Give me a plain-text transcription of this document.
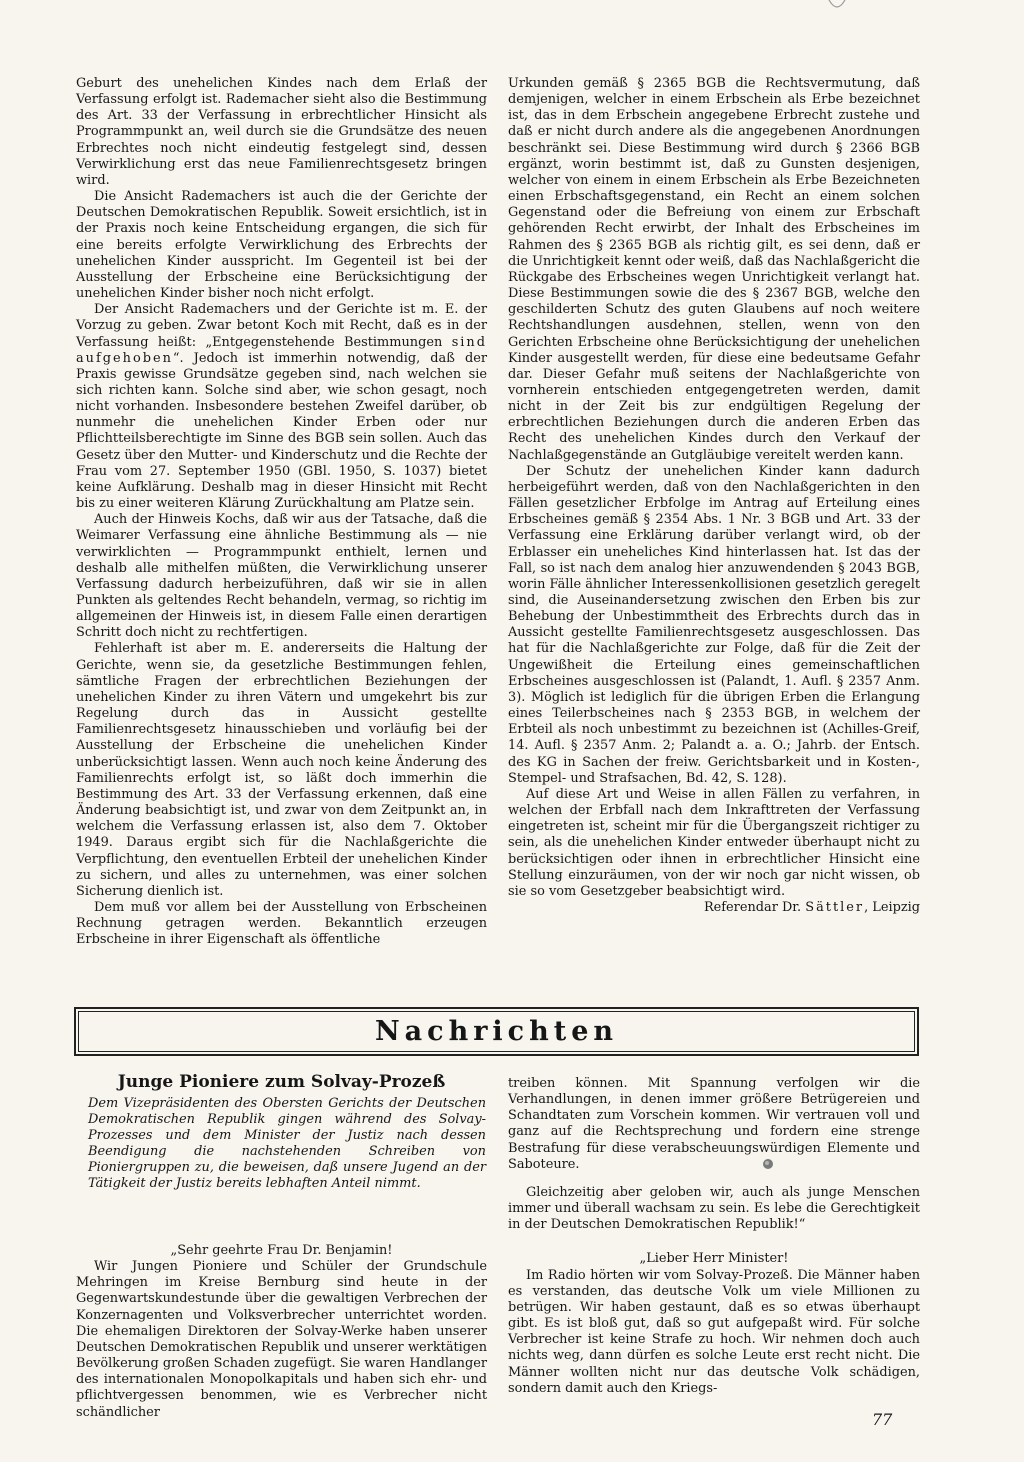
Geburt des unehelichen Kindes nach dem Erlaß der Verfassung erfolgt ist. Rademacher sieht also die Bestimmung des Art. 33 der Verfassung in erbrechtlicher Hinsicht als Programmpunkt an, weil durch sie die Grundsätze des neuen Erbrechtes noch nicht eindeutig festgelegt sind, dessen Verwirklichung erst das neue Familienrechtsgesetz bringen wird.

Die Ansicht Rademachers ist auch die der Gerichte der Deutschen Demokratischen Republik. Soweit ersichtlich, ist in der Praxis noch keine Entscheidung ergangen, die sich für eine bereits erfolgte Verwirklichung des Erbrechts der unehelichen Kinder ausspricht. Im Gegenteil ist bei der Ausstellung der Erbscheine eine Berücksichtigung der unehelichen Kinder bisher noch nicht erfolgt.

Der Ansicht Rademachers und der Gerichte ist m. E. der Vorzug zu geben. Zwar betont Koch mit Recht, daß es in der Verfassung heißt: „Entgegenstehende Bestimmungen sind aufgehoben“. Jedoch ist immerhin notwendig, daß der Praxis gewisse Grundsätze gegeben sind, nach welchen sie sich richten kann. Solche sind aber, wie schon gesagt, noch nicht vorhanden. Insbesondere bestehen Zweifel darüber, ob nunmehr die unehelichen Kinder Erben oder nur Pflichtteilsberechtigte im Sinne des BGB sein sollen. Auch das Gesetz über den Mutter- und Kinderschutz und die Rechte der Frau vom 27. September 1950 (GBl. 1950, S. 1037) bietet keine Aufklärung. Deshalb mag in dieser Hinsicht mit Recht bis zu einer weiteren Klärung Zurückhaltung am Platze sein.

Auch der Hinweis Kochs, daß wir aus der Tatsache, daß die Weimarer Verfassung eine ähnliche Bestimmung als — nie verwirklichten — Programmpunkt enthielt, lernen und deshalb alle mithelfen müßten, die Verwirklichung unserer Verfassung dadurch herbeizuführen, daß wir sie in allen Punkten als geltendes Recht behandeln, vermag, so richtig im allgemeinen der Hinweis ist, in diesem Falle einen derartigen Schritt doch nicht zu rechtfertigen.

Fehlerhaft ist aber m. E. andererseits die Haltung der Gerichte, wenn sie, da gesetzliche Bestimmungen fehlen, sämtliche Fragen der erbrechtlichen Beziehungen der unehelichen Kinder zu ihren Vätern und umgekehrt bis zur Regelung durch das in Aussicht gestellte Familienrechtsgesetz hinausschieben und vorläufig bei der Ausstellung der Erbscheine die unehelichen Kinder unberücksichtigt lassen. Wenn auch noch keine Änderung des Familienrechts erfolgt ist, so läßt doch immerhin die Bestimmung des Art. 33 der Verfassung erkennen, daß eine Änderung beabsichtigt ist, und zwar von dem Zeitpunkt an, in welchem die Verfassung erlassen ist, also dem 7. Oktober 1949. Daraus ergibt sich für die Nachlaßgerichte die Verpflichtung, den eventuellen Erbteil der unehelichen Kinder zu sichern, und alles zu unternehmen, was einer solchen Sicherung dienlich ist.

Dem muß vor allem bei der Ausstellung von Erbscheinen Rechnung getragen werden. Bekanntlich erzeugen Erbscheine in ihrer Eigenschaft als öffentliche

Urkunden gemäß § 2365 BGB die Rechtsvermutung, daß demjenigen, welcher in einem Erbschein als Erbe bezeichnet ist, das in dem Erbschein angegebene Erbrecht zustehe und daß er nicht durch andere als die angegebenen Anordnungen beschränkt sei. Diese Bestimmung wird durch § 2366 BGB ergänzt, worin bestimmt ist, daß zu Gunsten desjenigen, welcher von einem in einem Erbschein als Erbe Bezeichneten einen Erbschaftsgegenstand, ein Recht an einem solchen Gegenstand oder die Befreiung von einem zur Erbschaft gehörenden Recht erwirbt, der Inhalt des Erbscheines im Rahmen des § 2365 BGB als richtig gilt, es sei denn, daß er die Unrichtigkeit kennt oder weiß, daß das Nachlaßgericht die Rückgabe des Erbscheines wegen Unrichtigkeit verlangt hat. Diese Bestimmungen sowie die des § 2367 BGB, welche den geschilderten Schutz des guten Glaubens auf noch weitere Rechtshandlungen ausdehnen, stellen, wenn von den Gerichten Erbscheine ohne Berücksichtigung der unehelichen Kinder ausgestellt werden, für diese eine bedeutsame Gefahr dar. Dieser Gefahr muß seitens der Nachlaßgerichte von vornherein entschieden entgegengetreten werden, damit nicht in der Zeit bis zur endgültigen Regelung der erbrechtlichen Beziehungen durch die anderen Erben das Recht des unehelichen Kindes durch den Verkauf der Nachlaßgegenstände an Gutgläubige vereitelt werden kann.

Der Schutz der unehelichen Kinder kann dadurch herbeigeführt werden, daß von den Nachlaßgerichten in den Fällen gesetzlicher Erbfolge im Antrag auf Erteilung eines Erbscheines gemäß § 2354 Abs. 1 Nr. 3 BGB und Art. 33 der Verfassung eine Erklärung darüber verlangt wird, ob der Erblasser ein uneheliches Kind hinterlassen hat. Ist das der Fall, so ist nach dem analog hier anzuwendenden § 2043 BGB, worin Fälle ähnlicher Interessenkollisionen gesetzlich geregelt sind, die Auseinandersetzung zwischen den Erben bis zur Behebung der Unbestimmtheit des Erbrechts durch das in Aussicht gestellte Familienrechtsgesetz ausgeschlossen. Das hat für die Nachlaßgerichte zur Folge, daß für die Zeit der Ungewißheit die Erteilung eines gemeinschaftlichen Erbscheines ausgeschlossen ist (Palandt, 1. Aufl. § 2357 Anm. 3). Möglich ist lediglich für die übrigen Erben die Erlangung eines Teilerbscheines nach § 2353 BGB, in welchem der Erbteil als noch unbestimmt zu bezeichnen ist (Achilles-Greif, 14. Aufl. § 2357 Anm. 2; Palandt a. a. O.; Jahrb. der Entsch. des KG in Sachen der freiw. Gerichtsbarkeit und in Kosten-, Stempel- und Strafsachen, Bd. 42, S. 128).

Auf diese Art und Weise in allen Fällen zu verfahren, in welchen der Erbfall nach dem Inkrafttreten der Verfassung eingetreten ist, scheint mir für die Übergangszeit richtiger zu sein, als die unehelichen Kinder entweder überhaupt nicht zu berücksichtigen oder ihnen in erbrechtlicher Hinsicht eine Stellung einzuräumen, von der wir noch gar nicht wissen, ob sie so vom Gesetzgeber beabsichtigt wird.

Referendar Dr. Sättler, Leipzig

Nachrichten
Junge Pioniere zum Solvay-Prozeß
Dem Vizepräsidenten des Obersten Gerichts der Deutschen Demokratischen Republik gingen während des Solvay-Prozesses und dem Minister der Justiz nach dessen Beendigung die nachstehenden Schreiben von Pioniergruppen zu, die beweisen, daß unsere Jugend an der Tätigkeit der Justiz bereits lebhaften Anteil nimmt.

„Sehr geehrte Frau Dr. Benjamin!

Wir Jungen Pioniere und Schüler der Grundschule Mehringen im Kreise Bernburg sind heute in der Gegenwartskundestunde über die gewaltigen Verbrechen der Konzernagenten und Volksverbrecher unterrichtet worden. Die ehemaligen Direktoren der Solvay-Werke haben unserer Deutschen Demokratischen Republik und unserer werktätigen Bevölkerung großen Schaden zugefügt. Sie waren Handlanger des internationalen Monopolkapitals und haben sich ehr- und pflichtvergessen benommen, wie es Verbrecher nicht schändlicher

treiben können. Mit Spannung verfolgen wir die Verhandlungen, in denen immer größere Betrügereien und Schandtaten zum Vorschein kommen. Wir vertrauen voll und ganz auf die Rechtsprechung und fordern eine strenge Bestrafung für diese verabscheuungswürdigen Elemente und Saboteure.

Gleichzeitig aber geloben wir, auch als junge Menschen immer und überall wachsam zu sein. Es lebe die Gerechtigkeit in der Deutschen Demokratischen Republik!“

„Lieber Herr Minister!

Im Radio hörten wir vom Solvay-Prozeß. Die Männer haben es verstanden, das deutsche Volk um viele Millionen zu betrügen. Wir haben gestaunt, daß es so etwas überhaupt gibt. Es ist bloß gut, daß so gut aufgepaßt wird. Für solche Verbrecher ist keine Strafe zu hoch. Wir nehmen doch auch nichts weg, dann dürfen es solche Leute erst recht nicht. Die Männer wollten nicht nur das deutsche Volk schädigen, sondern damit auch den Kriegs-

77
